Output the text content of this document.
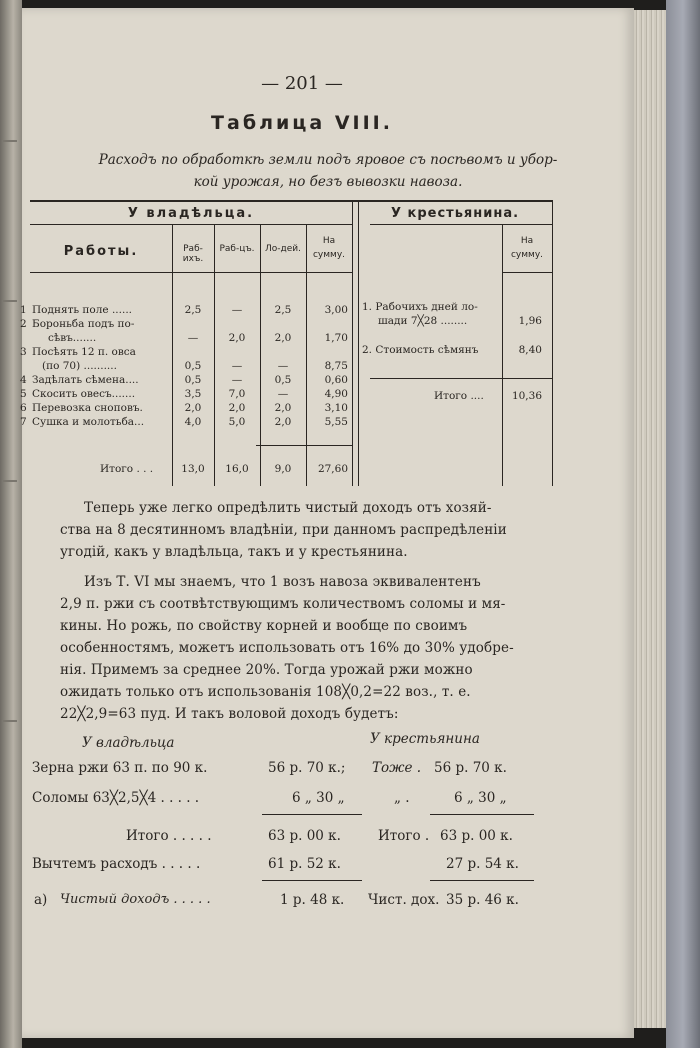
— 201 —
Таблица VIII.
Расходъ по обработкѣ земли подъ яровое съ посѣвомъ и убор-
кой урожая, но безъ вывозки навоза.
У владѣльца.	У крестьянина.
Работы.	Раб-ихъ.
Раб-цъ.	Ло-дей.
На
сумму.
На
сумму.
1 Поднять поле ......	2,5	—	2,5	3,00
2 Бороньба подъ по-
сѣвъ.......	—	2,0	2,0	1,70
3 Посѣять 12 п. овса
(по 70) ..........	0,5	—	—	8,75
4 Задѣлать сѣмена....	0,5	—	0,5	0,60
5 Скосить овесъ.......	3,5	7,0	—	4,90
6 Перевозка сноповъ.	2,0	2,0	2,0	3,10
7 Сушка и молотьба...	4,0	5,0	2,0	5,55
Итого . . .	13,0	16,0	9,0	27,60
1. Рабочихъ дней ло-
шади 7╳28 ........	1,96
2. Стоимость сѣмянъ	8,40
Итого ....	10,36
Теперь уже легко опредѣлить чистый доходъ отъ хозяй-
ства на 8 десятинномъ владѣніи, при данномъ распредѣленіи
угодій, какъ у владѣльца, такъ и у крестьянина.
Изъ Т. VI мы знаемъ, что 1 возъ навоза эквивалентенъ
2,9 п. ржи съ соотвѣтствующимъ количествомъ соломы и мя-
кины. Но рожь, по свойству корней и вообще по своимъ
особенностямъ, можетъ использовать отъ 16% до 30% удобре-
нія. Примемъ за среднее 20%. Тогда урожай ржи можно
ожидать только отъ использованія 108╳0,2=22 воз., т. е.
22╳2,9=63 пуд. И такъ воловой доходъ будетъ:
У владѣльца	У крестьянина
Зерна ржи 63 п. по 90 к.	56 р. 70 к.; Тоже . 56 р. 70 к.
Соломы 63╳2,5╳4 . . . . .	6 „ 30 „	„ .	6 „ 30 „
Итого . . . . .	63 р. 00 к.	Итого . 63 р. 00 к.
Вычтемъ расходъ . . . . .	61 р. 52 к.	27 р. 54 к.
а) Чистый доходъ . . . . .	1 р. 48 к. Чист. дох. 35 р. 46 к.
